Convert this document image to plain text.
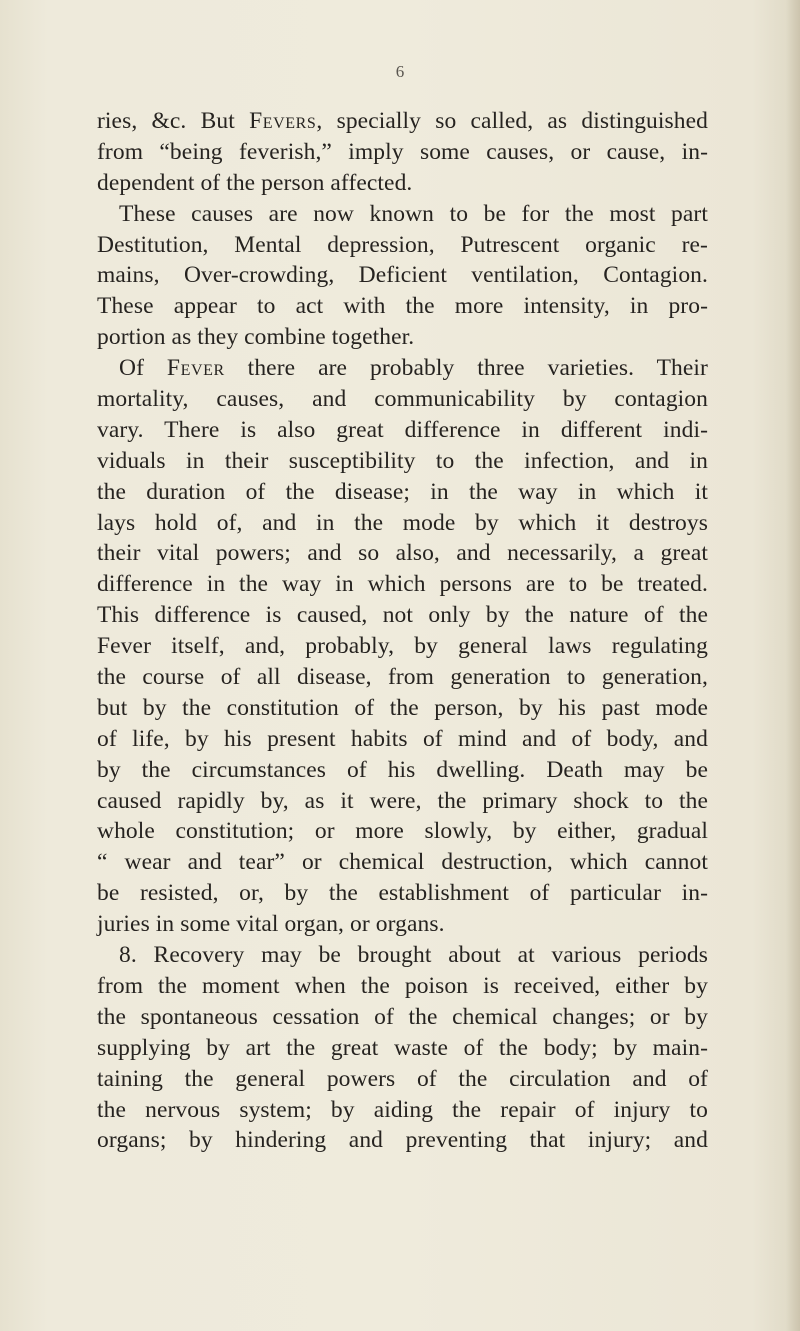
6

ries, &c. But Fevers, specially so called, as distinguished
from “being feverish,” imply some causes, or cause, in-
dependent of the person affected.
These causes are now known to be for the most part
Destitution, Mental depression, Putrescent organic re-
mains, Over-crowding, Deficient ventilation, Contagion.
These appear to act with the more intensity, in pro-
portion as they combine together.
Of Fever there are probably three varieties. Their
mortality, causes, and communicability by contagion
vary. There is also great difference in different indi-
viduals in their susceptibility to the infection, and in
the duration of the disease; in the way in which it
lays hold of, and in the mode by which it destroys
their vital powers; and so also, and necessarily, a great
difference in the way in which persons are to be treated.
This difference is caused, not only by the nature of the
Fever itself, and, probably, by general laws regulating
the course of all disease, from generation to generation,
but by the constitution of the person, by his past mode
of life, by his present habits of mind and of body, and
by the circumstances of his dwelling. Death may be
caused rapidly by, as it were, the primary shock to the
whole constitution; or more slowly, by either, gradual
“ wear and tear” or chemical destruction, which cannot
be resisted, or, by the establishment of particular in-
juries in some vital organ, or organs.
8. Recovery may be brought about at various periods
from the moment when the poison is received, either by
the spontaneous cessation of the chemical changes; or by
supplying by art the great waste of the body; by main-
taining the general powers of the circulation and of
the nervous system; by aiding the repair of injury to
organs; by hindering and preventing that injury; and
